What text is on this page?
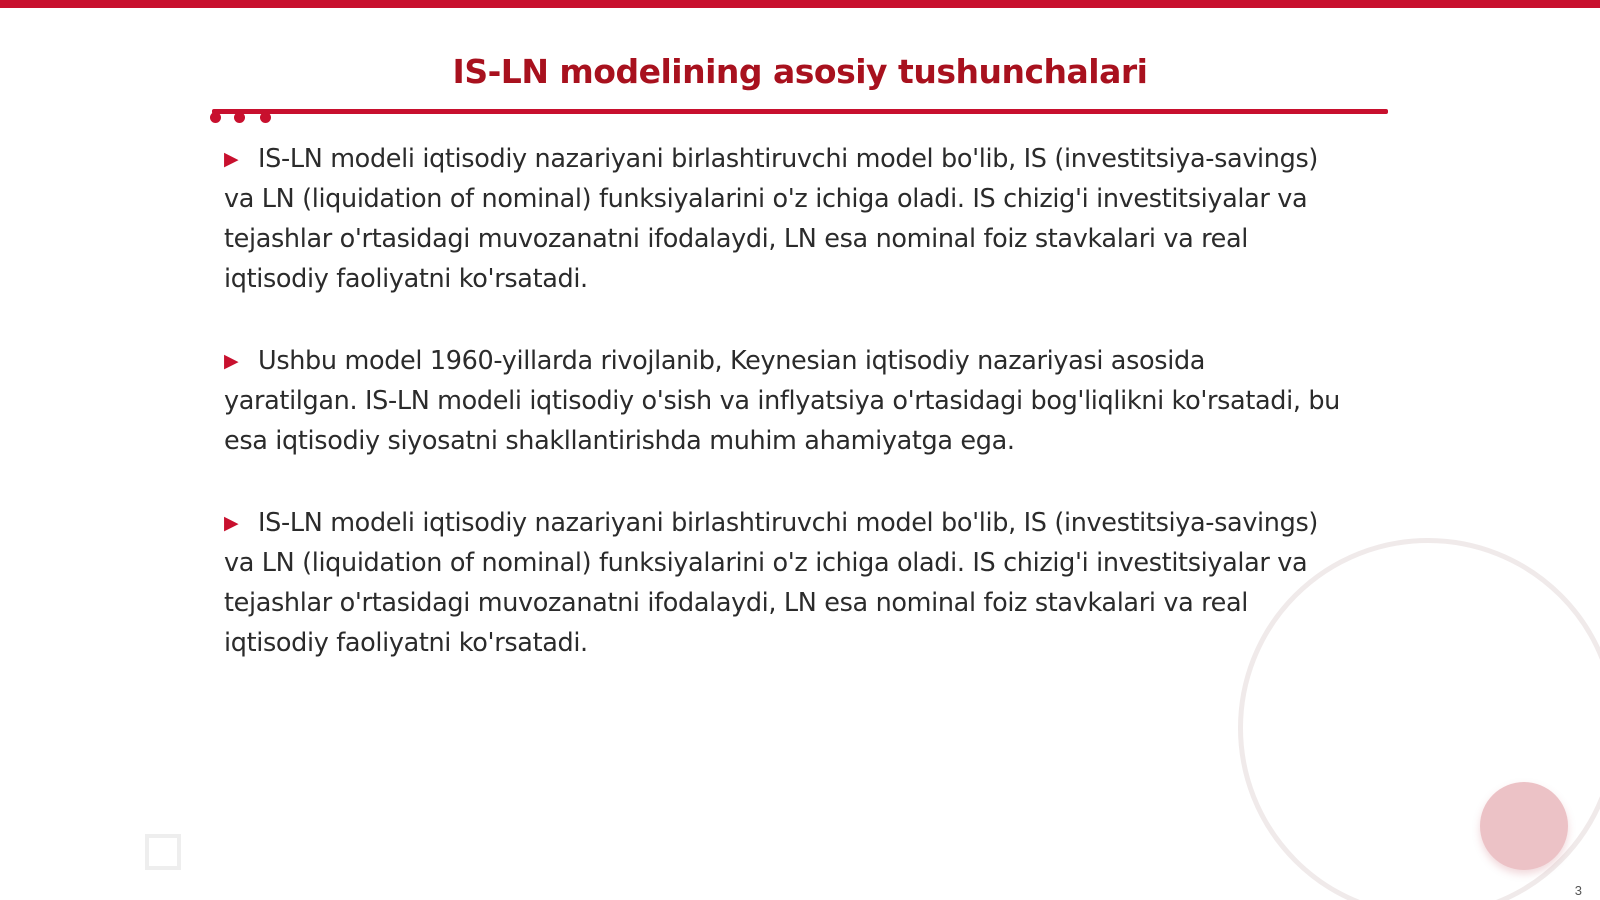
IS-LN modelining asosiy tushunchalari

▶ IS-LN modeli iqtisodiy nazariyani birlashtiruvchi model bo'lib, IS (investitsiya-savings) va LN (liquidation of nominal) funksiyalarini o'z ichiga oladi. IS chizig'i investitsiyalar va tejashlar o'rtasidagi muvozanatni ifodalaydi, LN esa nominal foiz stavkalari va real iqtisodiy faoliyatni ko'rsatadi.

▶ Ushbu model 1960-yillarda rivojlanib, Keynesian iqtisodiy nazariyasi asosida yaratilgan. IS-LN modeli iqtisodiy o'sish va inflyatsiya o'rtasidagi bog'liqlikni ko'rsatadi, bu esa iqtisodiy siyosatni shakllantirishda muhim ahamiyatga ega.

▶ IS-LN modeli iqtisodiy nazariyani birlashtiruvchi model bo'lib, IS (investitsiya-savings) va LN (liquidation of nominal) funksiyalarini o'z ichiga oladi. IS chizig'i investitsiyalar va tejashlar o'rtasidagi muvozanatni ifodalaydi, LN esa nominal foiz stavkalari va real iqtisodiy faoliyatni ko'rsatadi.

3
